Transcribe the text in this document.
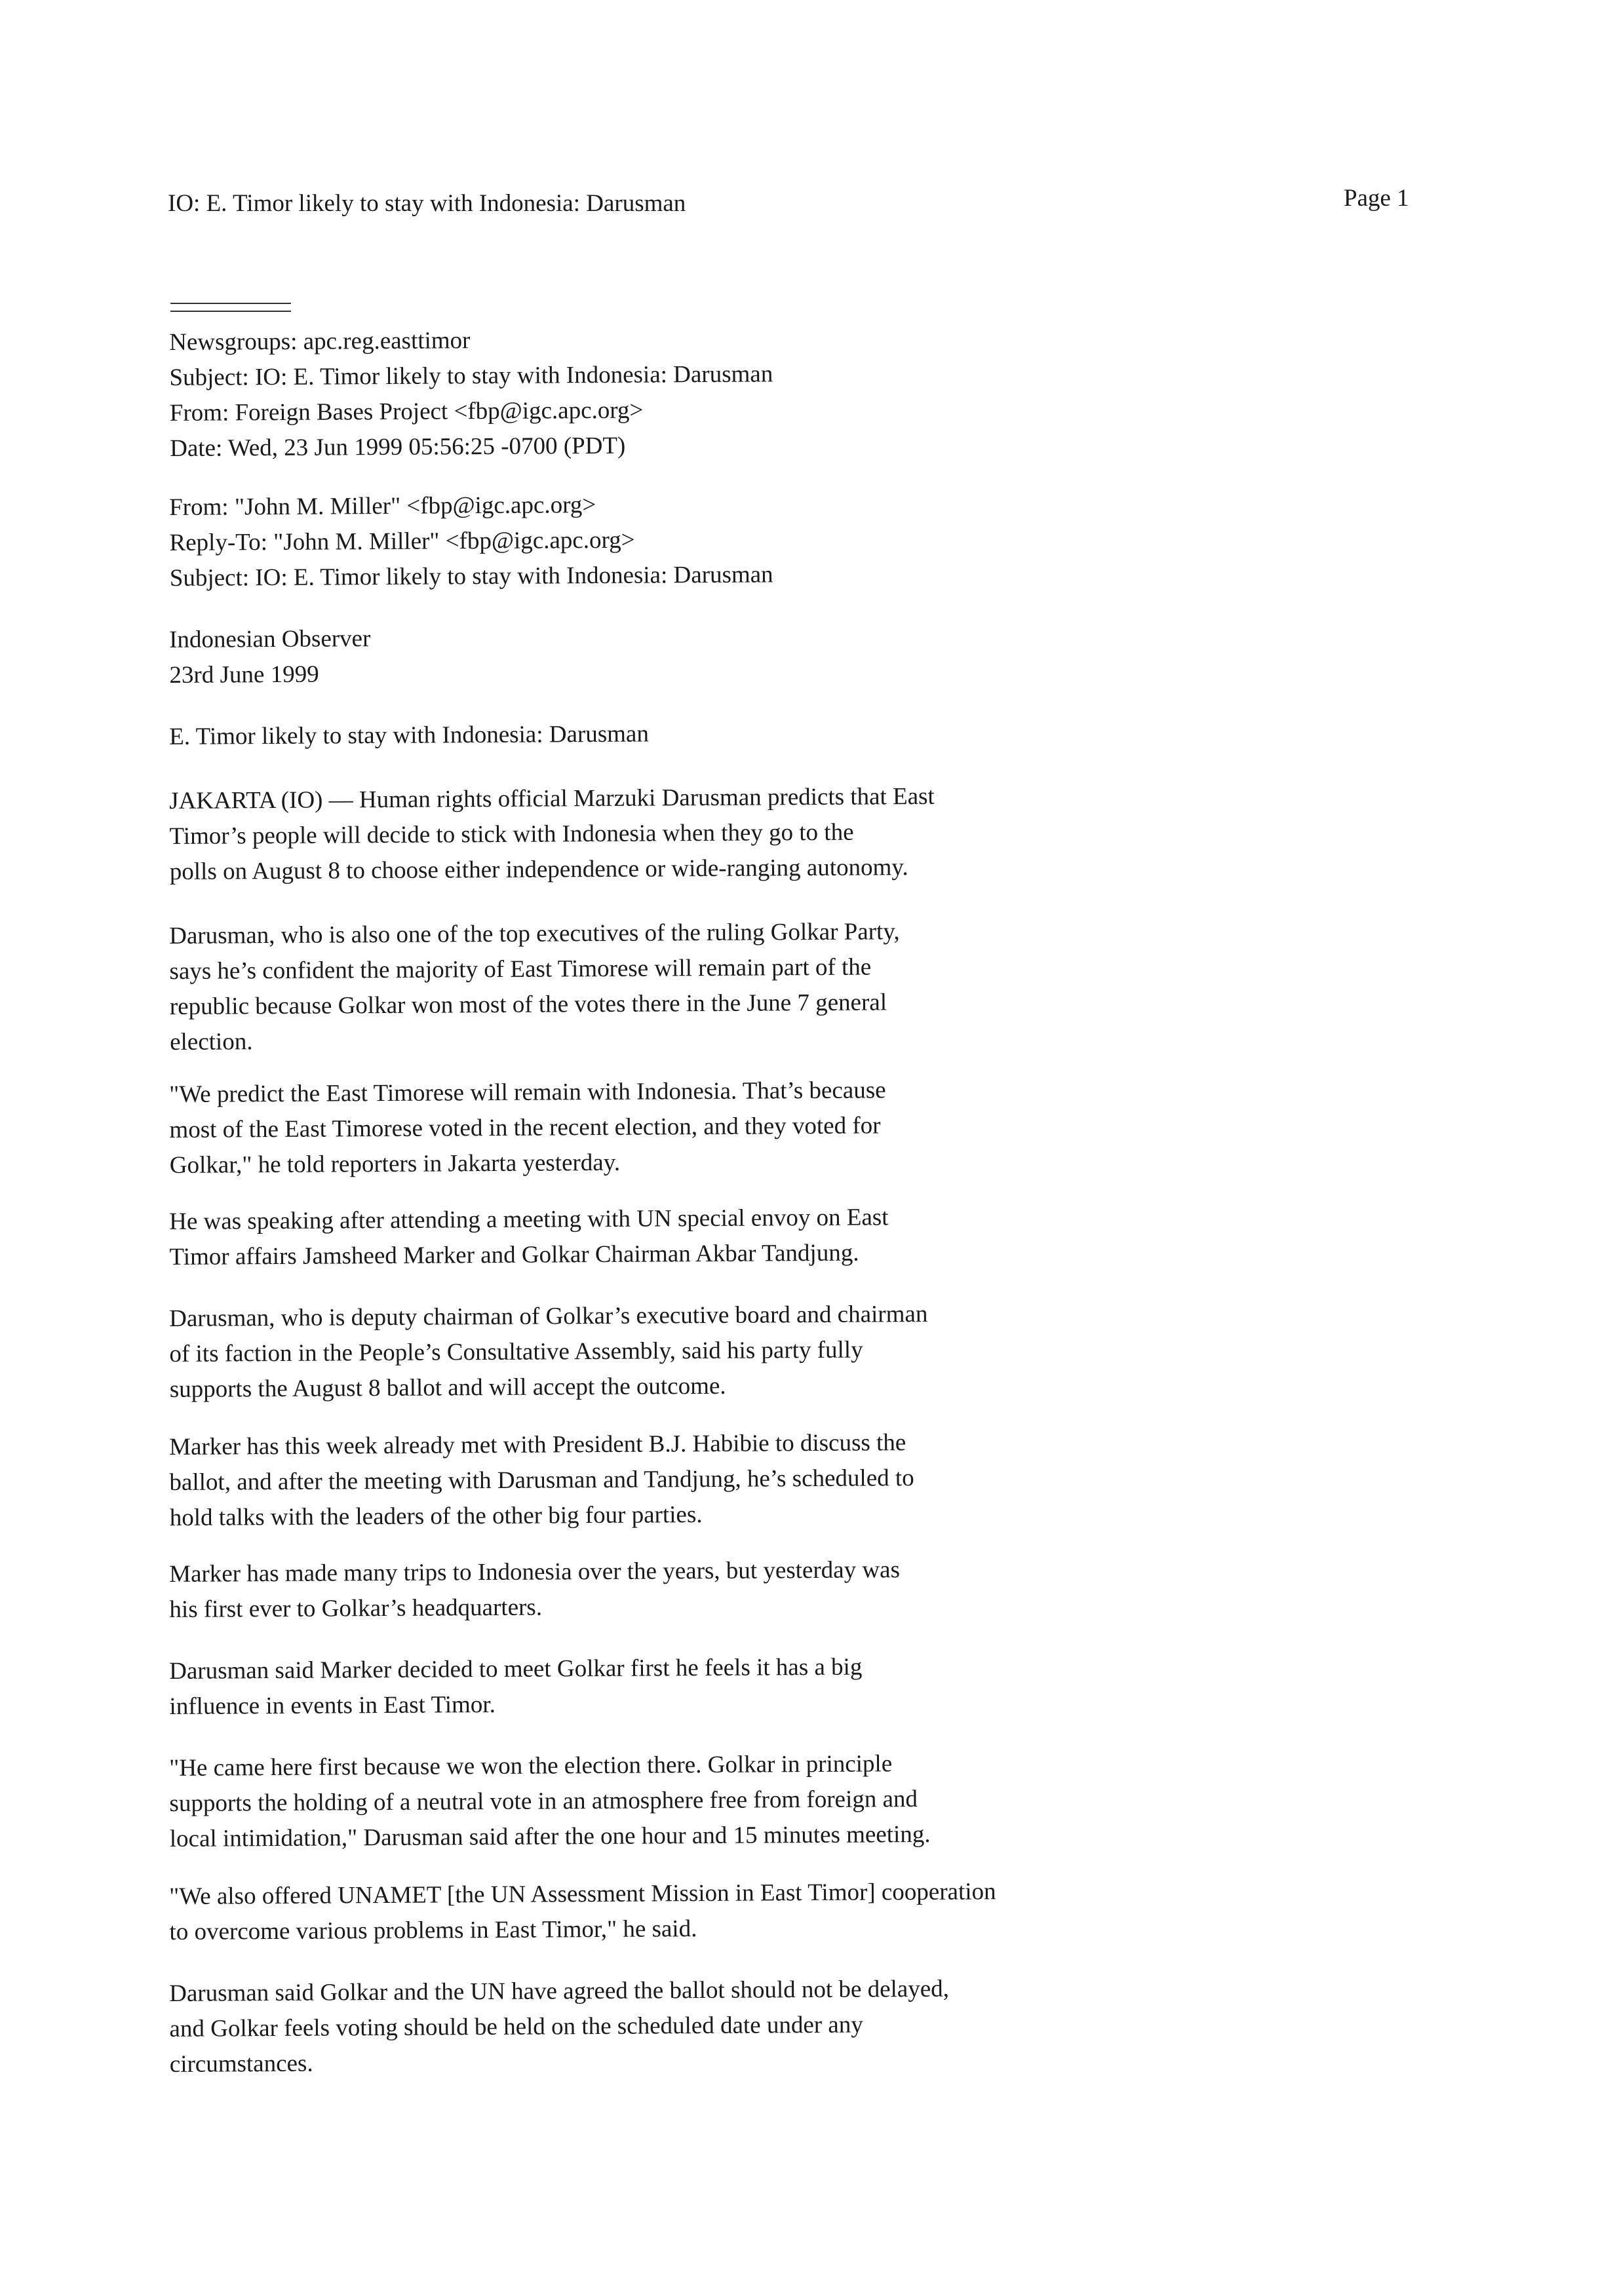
IO: E. Timor likely to stay with Indonesia: Darusman	Page 1
Newsgroups: apc.reg.easttimor
Subject: IO: E. Timor likely to stay with Indonesia: Darusman
From: Foreign Bases Project <fbp@igc.apc.org>
Date: Wed, 23 Jun 1999 05:56:25 -0700 (PDT)
From: "John M. Miller" <fbp@igc.apc.org>
Reply-To: "John M. Miller" <fbp@igc.apc.org>
Subject: IO: E. Timor likely to stay with Indonesia: Darusman
Indonesian Observer
23rd June 1999
E. Timor likely to stay with Indonesia: Darusman
JAKARTA (IO) — Human rights official Marzuki Darusman predicts that East
Timor’s people will decide to stick with Indonesia when they go to the
polls on August 8 to choose either independence or wide-ranging autonomy.
Darusman, who is also one of the top executives of the ruling Golkar Party,
says he’s confident the majority of East Timorese will remain part of the
republic because Golkar won most of the votes there in the June 7 general
election.
"We predict the East Timorese will remain with Indonesia. That’s because
most of the East Timorese voted in the recent election, and they voted for
Golkar," he told reporters in Jakarta yesterday.
He was speaking after attending a meeting with UN special envoy on East
Timor affairs Jamsheed Marker and Golkar Chairman Akbar Tandjung.
Darusman, who is deputy chairman of Golkar’s executive board and chairman
of its faction in the People’s Consultative Assembly, said his party fully
supports the August 8 ballot and will accept the outcome.
Marker has this week already met with President B.J. Habibie to discuss the
ballot, and after the meeting with Darusman and Tandjung, he’s scheduled to
hold talks with the leaders of the other big four parties.
Marker has made many trips to Indonesia over the years, but yesterday was
his first ever to Golkar’s headquarters.
Darusman said Marker decided to meet Golkar first he feels it has a big
influence in events in East Timor.
"He came here first because we won the election there. Golkar in principle
supports the holding of a neutral vote in an atmosphere free from foreign and
local intimidation," Darusman said after the one hour and 15 minutes meeting.
"We also offered UNAMET [the UN Assessment Mission in East Timor] cooperation
to overcome various problems in East Timor," he said.
Darusman said Golkar and the UN have agreed the ballot should not be delayed,
and Golkar feels voting should be held on the scheduled date under any
circumstances.
